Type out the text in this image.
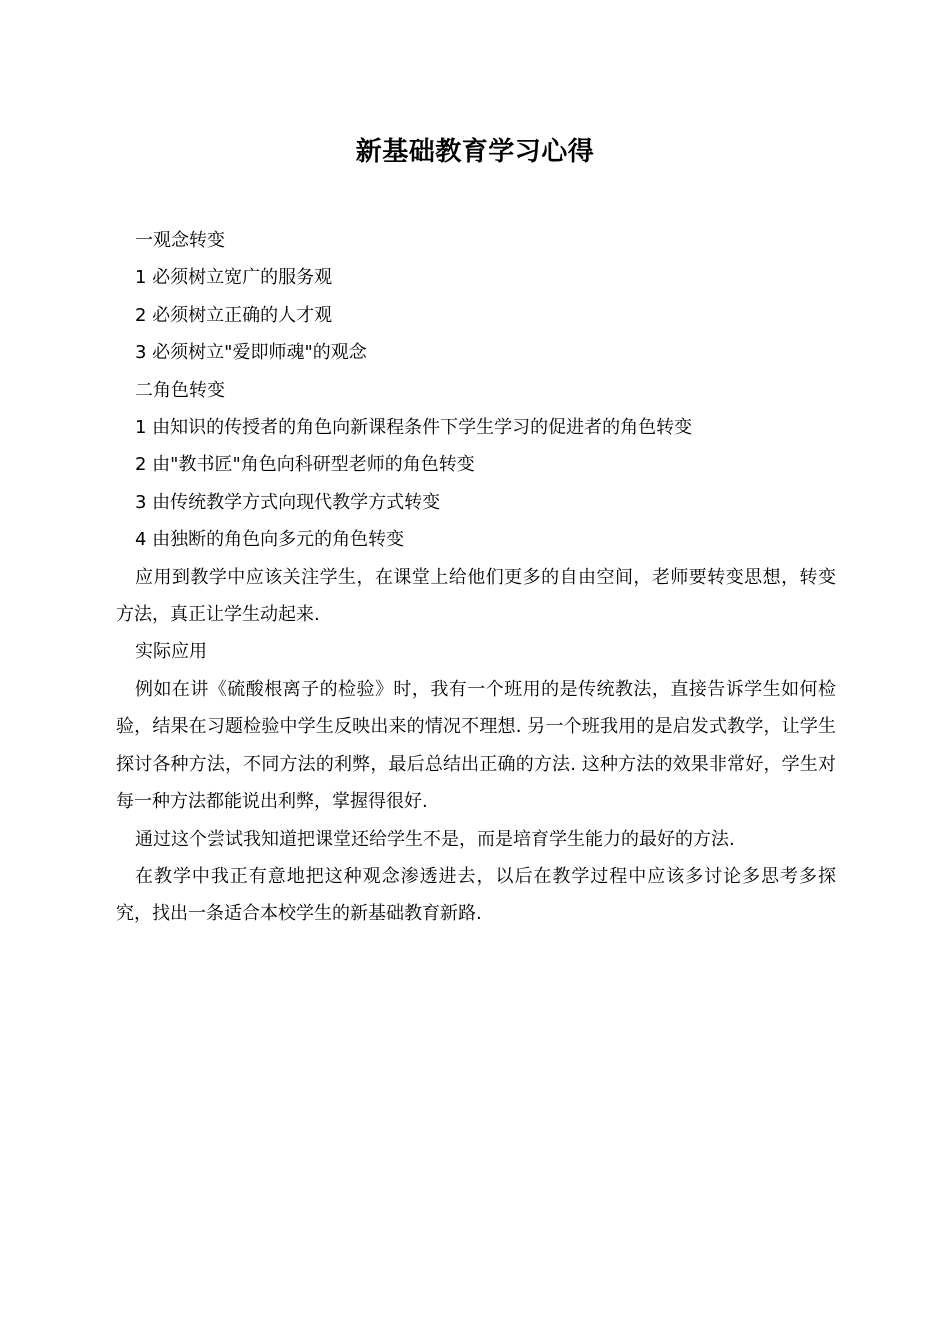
新基础教育学习心得

一观念转变

1 必须树立宽广的服务观

2 必须树立正确的人才观

3 必须树立"爱即师魂"的观念

二角色转变

1 由知识的传授者的角色向新课程条件下学生学习的促进者的角色转变

2 由"教书匠"角色向科研型老师的角色转变

3 由传统教学方式向现代教学方式转变

4 由独断的角色向多元的角色转变

应用到教学中应该关注学生，在课堂上给他们更多的自由空间，老师要转变思想，转变方法，真正让学生动起来.

实际应用

例如在讲《硫酸根离子的检验》时，我有一个班用的是传统教法，直接告诉学生如何检验，结果在习题检验中学生反映出来的情况不理想. 另一个班我用的是启发式教学，让学生探讨各种方法，不同方法的利弊，最后总结出正确的方法. 这种方法的效果非常好，学生对每一种方法都能说出利弊，掌握得很好.

通过这个尝试我知道把课堂还给学生不是，而是培育学生能力的最好的方法.

在教学中我正有意地把这种观念渗透进去，以后在教学过程中应该多讨论多思考多探究，找出一条适合本校学生的新基础教育新路.
